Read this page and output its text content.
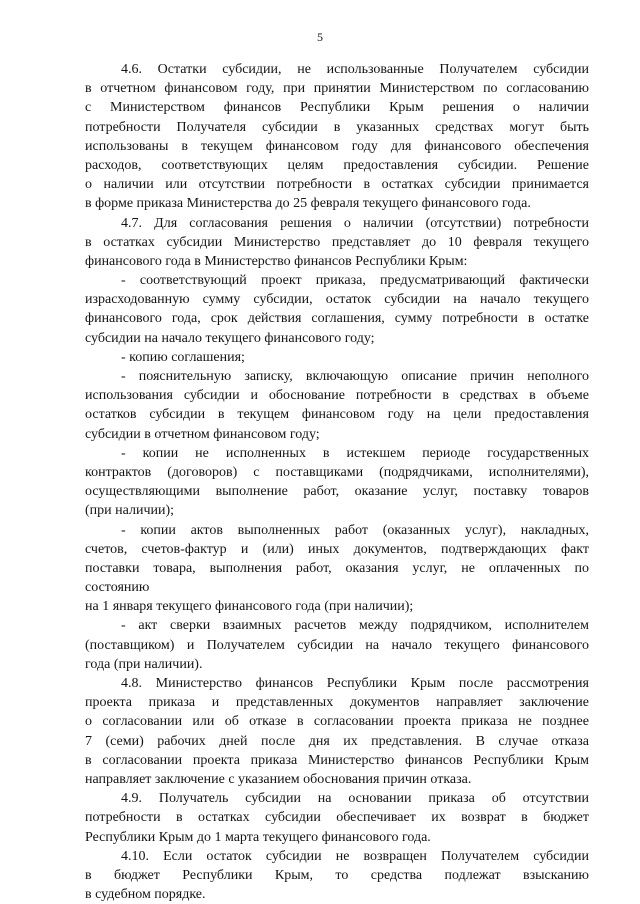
5
4.6. Остатки субсидии, не использованные Получателем субсидии
в отчетном финансовом году, при принятии Министерством по согласованию
с Министерством финансов Республики Крым решения о наличии
потребности Получателя субсидии в указанных средствах могут быть
использованы в текущем финансовом году для финансового обеспечения
расходов, соответствующих целям предоставления субсидии. Решение
о наличии или отсутствии потребности в остатках субсидии принимается
в форме приказа Министерства до 25 февраля текущего финансового года.
4.7. Для согласования решения о наличии (отсутствии) потребности
в остатках субсидии Министерство представляет до 10 февраля текущего
финансового года в Министерство финансов Республики Крым:
- соответствующий проект приказа, предусматривающий фактически
израсходованную сумму субсидии, остаток субсидии на начало текущего
финансового года, срок действия соглашения, сумму потребности в остатке
субсидии на начало текущего финансового году;
- копию соглашения;
- пояснительную записку, включающую описание причин неполного
использования субсидии и обоснование потребности в средствах в объеме
остатков субсидии в текущем финансовом году на цели предоставления
субсидии в отчетном финансовом году;
- копии не исполненных в истекшем периоде государственных
контрактов (договоров) с поставщиками (подрядчиками, исполнителями),
осуществляющими выполнение работ, оказание услуг, поставку товаров
(при наличии);
- копии актов выполненных работ (оказанных услуг), накладных,
счетов, счетов-фактур и (или) иных документов, подтверждающих факт
поставки товара, выполнения работ, оказания услуг, не оплаченных по
состоянию
на 1 января текущего финансового года (при наличии);
- акт сверки взаимных расчетов между подрядчиком, исполнителем
(поставщиком) и Получателем субсидии на начало текущего финансового
года (при наличии).
4.8. Министерство финансов Республики Крым после рассмотрения
проекта приказа и представленных документов направляет заключение
о согласовании или об отказе в согласовании проекта приказа не позднее
7 (семи) рабочих дней после дня их представления. В случае отказа
в согласовании проекта приказа Министерство финансов Республики Крым
направляет заключение с указанием обоснования причин отказа.
4.9. Получатель субсидии на основании приказа об отсутствии
потребности в остатках субсидии обеспечивает их возврат в бюджет
Республики Крым до 1 марта текущего финансового года.
4.10. Если остаток субсидии не возвращен Получателем субсидии
в бюджет Республики Крым, то средства подлежат взысканию
в судебном порядке.
